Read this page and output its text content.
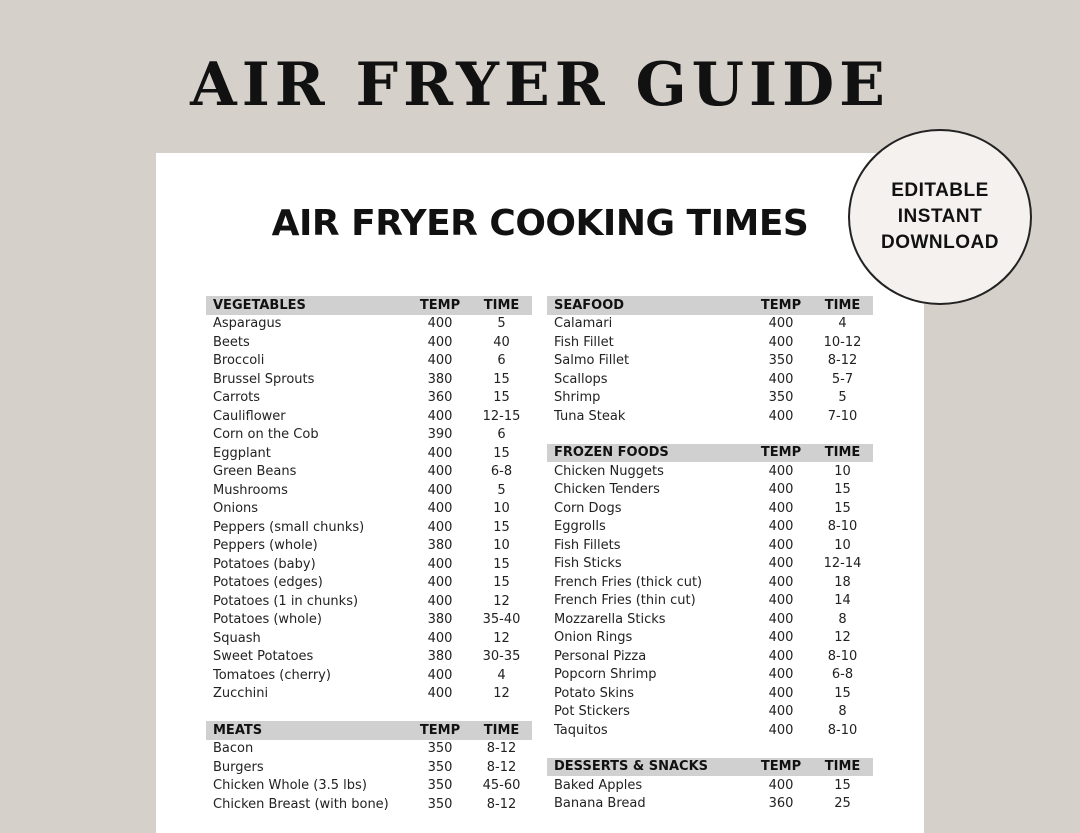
AIR FRYER GUIDE
AIR FRYER COOKING TIMES
VEGETABLES	TEMP	TIME
Asparagus	400	5
Beets	400	40
Broccoli	400	6
Brussel Sprouts	380	15
Carrots	360	15
Cauliflower	400	12-15
Corn on the Cob	390	6
Eggplant	400	15
Green Beans	400	6-8
Mushrooms	400	5
Onions	400	10
Peppers (small chunks)	400	15
Peppers (whole)	380	10
Potatoes (baby)	400	15
Potatoes (edges)	400	15
Potatoes (1 in chunks)	400	12
Potatoes (whole)	380	35-40
Squash	400	12
Sweet Potatoes	380	30-35
Tomatoes (cherry)	400	4
Zucchini	400	12
MEATS	TEMP	TIME
Bacon	350	8-12
Burgers	350	8-12
Chicken Whole (3.5 lbs)	350	45-60
Chicken Breast (with bone)	350	8-12
SEAFOOD	TEMP	TIME
Calamari	400	4
Fish Fillet	400	10-12
Salmo Fillet	350	8-12
Scallops	400	5-7
Shrimp	350	5
Tuna Steak	400	7-10
FROZEN FOODS	TEMP	TIME
Chicken Nuggets	400	10
Chicken Tenders	400	15
Corn Dogs	400	15
Eggrolls	400	8-10
Fish Fillets	400	10
Fish Sticks	400	12-14
French Fries (thick cut)	400	18
French Fries (thin cut)	400	14
Mozzarella Sticks	400	8
Onion Rings	400	12
Personal Pizza	400	8-10
Popcorn Shrimp	400	6-8
Potato Skins	400	15
Pot Stickers	400	8
Taquitos	400	8-10
DESSERTS & SNACKS	TEMP	TIME
Baked Apples	400	15
Banana Bread	360	25
EDITABLE
INSTANT
DOWNLOAD
